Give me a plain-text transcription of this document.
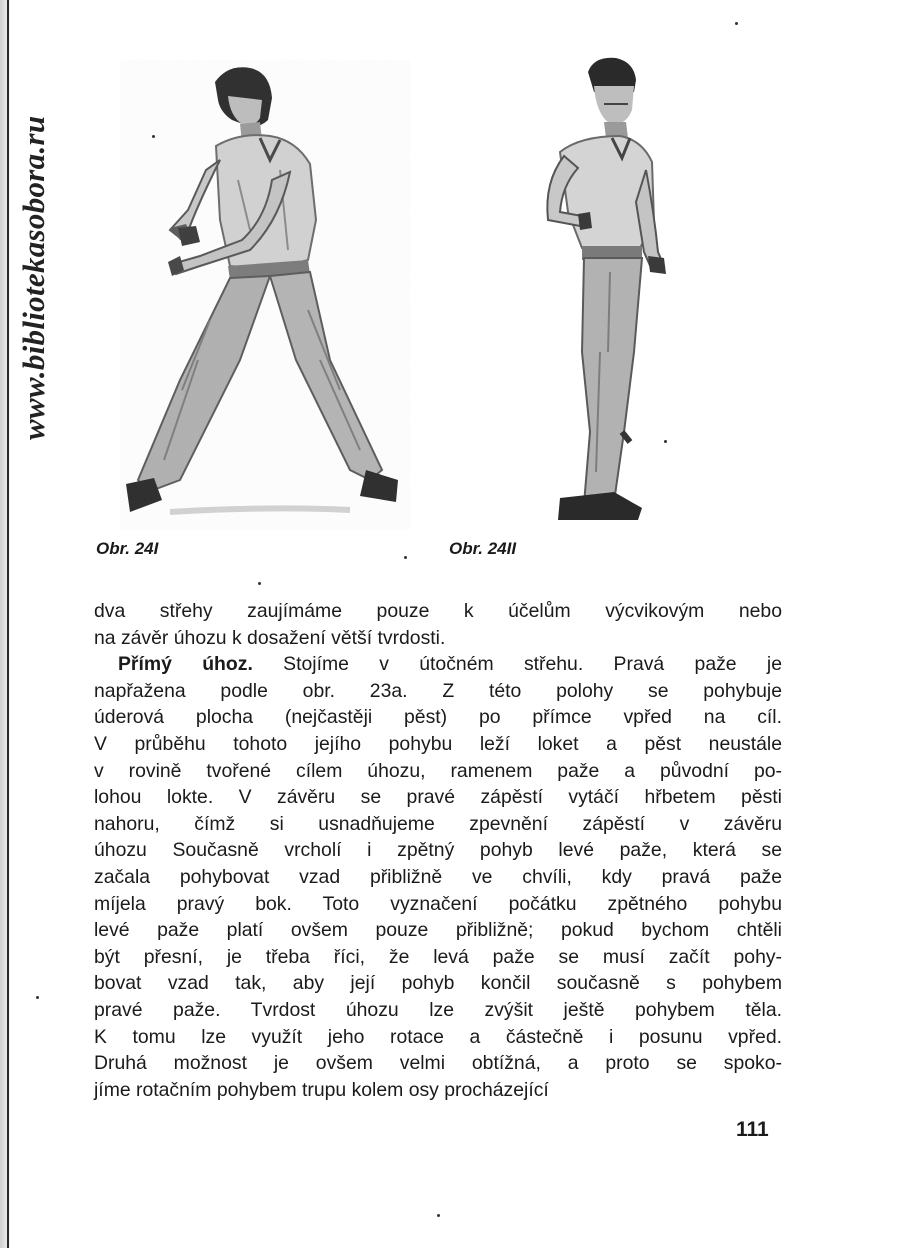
www.bibliotekasobora.ru
Obr. 24I	Obr. 24II
dva střehy zaujímáme pouze k účelům výcvikovým nebo
na závěr úhozu k dosažení větší tvrdosti.
Přímý úhoz. Stojíme v útočném střehu. Pravá paže je
napřažena podle obr. 23a. Z této polohy se pohybuje
úderová plocha (nejčastěji pěst) po přímce vpřed na cíl.
V průběhu tohoto jejího pohybu leží loket a pěst neustále
v rovině tvořené cílem úhozu, ramenem paže a původní po-
lohou lokte. V závěru se pravé zápěstí vytáčí hřbetem pěsti
nahoru, čímž si usnadňujeme zpevnění zápěstí v závěru
úhozu Současně vrcholí i zpětný pohyb levé paže, která se
začala pohybovat vzad přibližně ve chvíli, kdy pravá paže
míjela pravý bok. Toto vyznačení počátku zpětného pohybu
levé paže platí ovšem pouze přibližně; pokud bychom chtěli
být přesní, je třeba říci, že levá paže se musí začít pohy-
bovat vzad tak, aby její pohyb končil současně s pohybem
pravé paže. Tvrdost úhozu lze zvýšit ještě pohybem těla.
K tomu lze využít jeho rotace a částečně i posunu vpřed.
Druhá možnost je ovšem velmi obtížná, a proto se spoko-
jíme rotačním pohybem trupu kolem osy procházející
111
